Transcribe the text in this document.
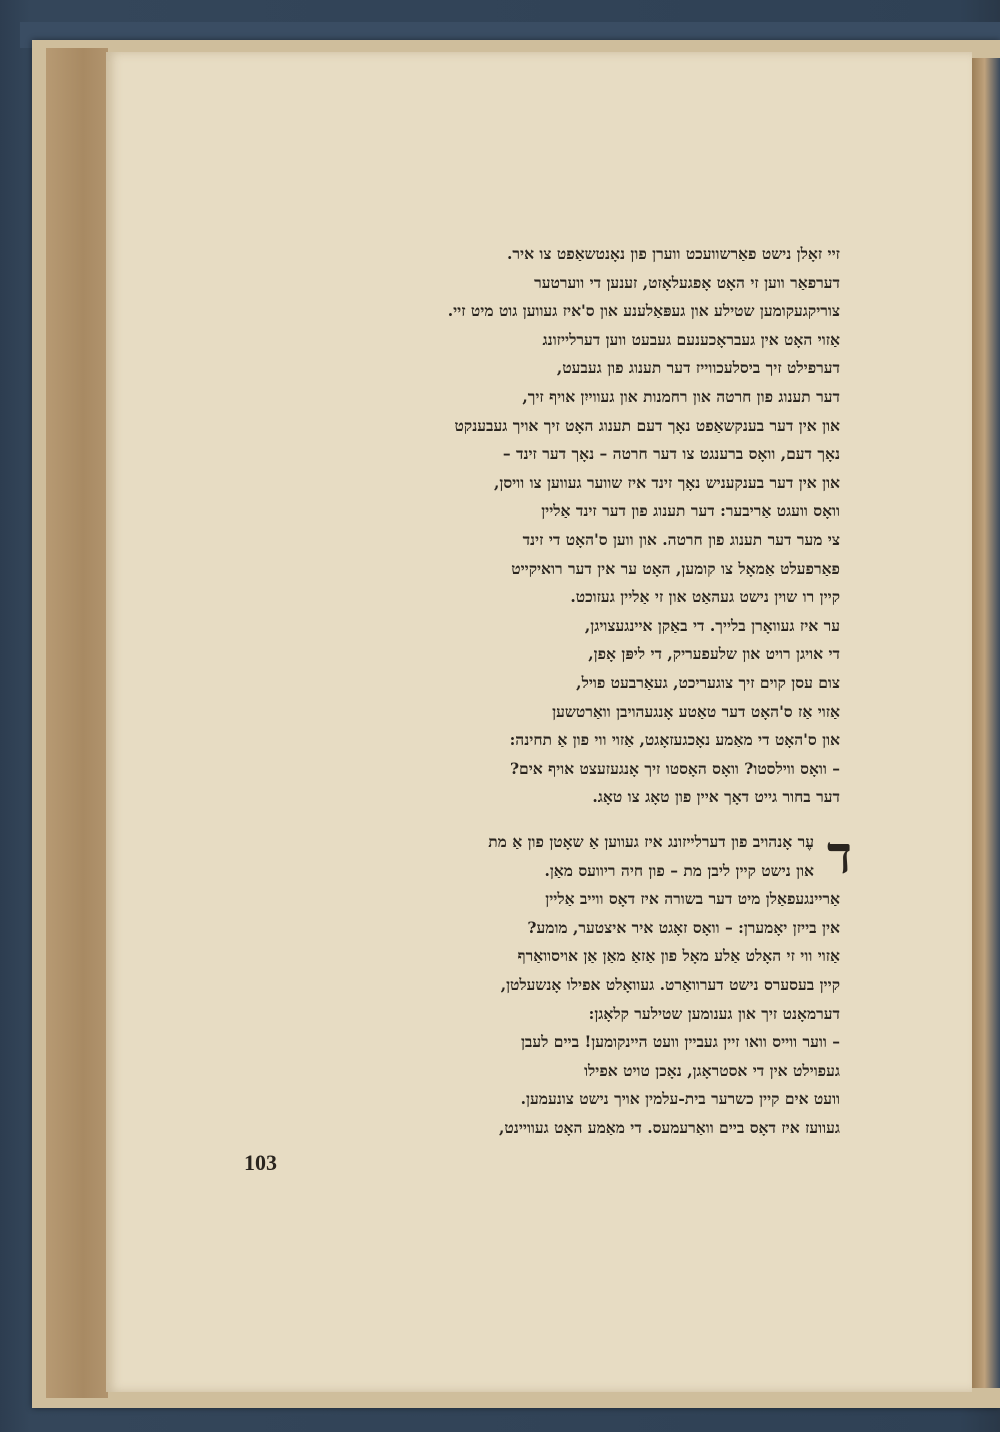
זיי זאָלן נישט פאַרשוועכט ווערן פון נאָנטשאַפט צו איר.
דערפאַר ווען זי האָט אָפגעלאָזט, זענען די ווערטער
צוריקגעקומען שטילע און געפּאַלענע און ס'איז געווען גוט מיט זיי.
אַזוי האָט אין געבראָכענעם געבעט ווען דערלייזונג
דערפילט זיך ביסלעכווייז דער תענוג פון געבעט,
דער תענוג פון חרטה און רחמנות און געווייִן אויף זיך,
און אין דער בענקשאַפט נאָך דעם תענוג האָט זיך אויך געבענקט
נאָך דעם, וואָס ברענגט צו דער חרטה – נאָך דער זינד –
און אין דער בענקעניש נאָך זינד איז שווער געווען צו וויסן,
וואָס וועגט אַריבער: דער תענוג פון דער זינד אַליין
צי מער דער תענוג פון חרטה. און ווען ס'האָט די זינד
פאַרפעלט אַמאָל צו קומען, האָט ער אין דער רואיקייט
קיין רו שוין נישט געהאַט און זי אַליין געזוכט.
ער איז געוואָרן בלייך. די באַקן איינגעצויגן,
די אויגן רויט און שלעפעריק, די ליפּן אָפן,
צום עסן קוים זיך צוגעריכט, געאַרבעט פויל,
אַזוי אַז ס'האָט דער טאַטע אָנגעהויבן וואַרטשען
און ס'האָט די מאַמע נאָכגעזאָגט, אַזוי ווי פון אַ תחינה:
– וואָס ווילסטו? וואָס האָסטו זיך אָנגעזעצט אויף אים?
דער בחור גייט דאָך איין פון טאָג צו טאָג.
ד
עֶר אָנהויב פון דערלייזונג איז געווען אַ שאָטן פון אַ מת
און נישט קיין ליבן מת – פון חיה ריוועס מאַן.
אַריינגעפאַלן מיט דער בשורה איז דאָס ווייב אַליין
אין בייזן יאָמערן: – וואָס זאָגט איר איצטער, מומע?
אַזוי ווי זי האָלט אַלע מאָל פון אַזאַ מאַן אַן אויסוואַרף
קיין בעסערס נישט דערוואַרט. געוואָלט אפילו אָנשעלטן,
דערמאָנט זיך און גענומען שטילער קלאָגן:
– ווער ווייס וואו זיין געביין וועט היינקומען! ביים לעבן
געפוילט אין די אסטראָגן, נאָכן טויט אפילו
וועט אים קיין כשרער בית-עלמין אויך נישט צונעמען.
געוועז איז דאָס ביים וואַרעמעס. די מאַמע האָט געוויינט,
103
